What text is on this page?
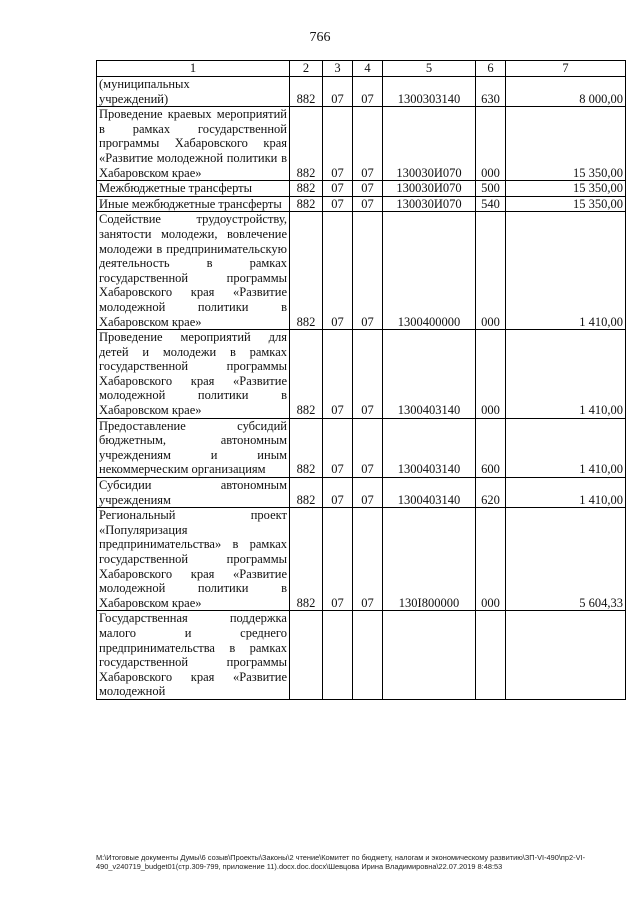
766
1	2	3	4	5	6	7
(муниципальных
учреждений)	882	07	07	1300303140	630	8 000,00
Проведение краевых мероприятий в рамках государственной программы Хабаровского края «Развитие молодежной политики в Хабаровском крае»	882	07	07	130030И070	000	15 350,00
Межбюджетные трансферты	882	07	07	130030И070	500	15 350,00
Иные межбюджетные трансферты	882	07	07	130030И070	540	15 350,00
Содействие трудоустройству, занятости молодежи, вовлечение молодежи в предпринимательскую деятельность в рамках государственной программы Хабаровского края «Развитие молодежной политики в Хабаровском крае»	882	07	07	1300400000	000	1 410,00
Проведение мероприятий для детей и молодежи в рамках государственной программы Хабаровского края «Развитие молодежной политики в Хабаровском крае»	882	07	07	1300403140	000	1 410,00
Предоставление субсидий бюджетным, автономным учреждениям и иным некоммерческим организациям	882	07	07	1300403140	600	1 410,00
Субсидии автономным учреждениям	882	07	07	1300403140	620	1 410,00
Региональный проект «Популяризация предпринимательства» в рамках государственной программы Хабаровского края «Развитие молодежной политики в Хабаровском крае»	882	07	07	130I800000	000	5 604,33
Государственная поддержка малого и среднего предпринимательства в рамках государственной программы Хабаровского края «Развитие молодежной						
M:\Итоговые документы Думы\6 созыв\Проекты\Законы\2 чтение\Комитет по бюджету, налогам и экономическому развитию\ЗП-VI-490\пр2-VI-490_v240719_budget01(стр.309-799, приложение 11).docx.doc.docx\Шевцова Ирина Владимировна\22.07.2019 8:48:53
